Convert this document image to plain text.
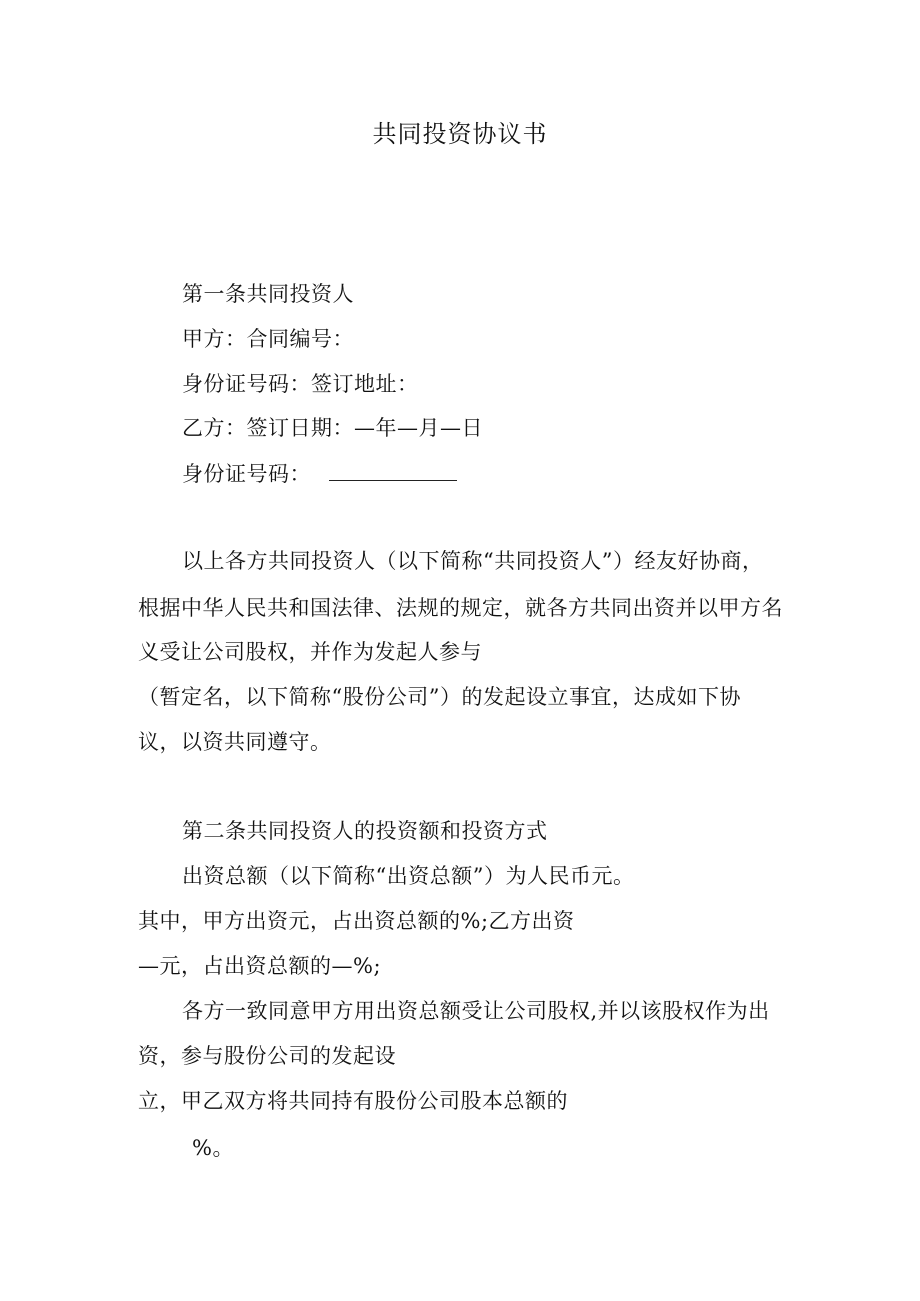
共同投资协议书
第一条共同投资人
甲方：合同编号：
身份证号码：签订地址：
乙方：签订日期：—年—月—日
身份证号码：
以上各方共同投资人（以下简称“共同投资人”）经友好协商，
根据中华人民共和国法律、法规的规定，就各方共同出资并以甲方名
义受让公司股权，并作为发起人参与
（暂定名，以下简称“股份公司”）的发起设立事宜，达成如下协
议，以资共同遵守。
第二条共同投资人的投资额和投资方式
出资总额（以下简称“出资总额”）为人民币元。
其中，甲方出资元，占出资总额的%;乙方出资
—元，占出资总额的—%;
各方一致同意甲方用出资总额受让公司股权,并以该股权作为出
资，参与股份公司的发起设
立，甲乙双方将共同持有股份公司股本总额的
%。
